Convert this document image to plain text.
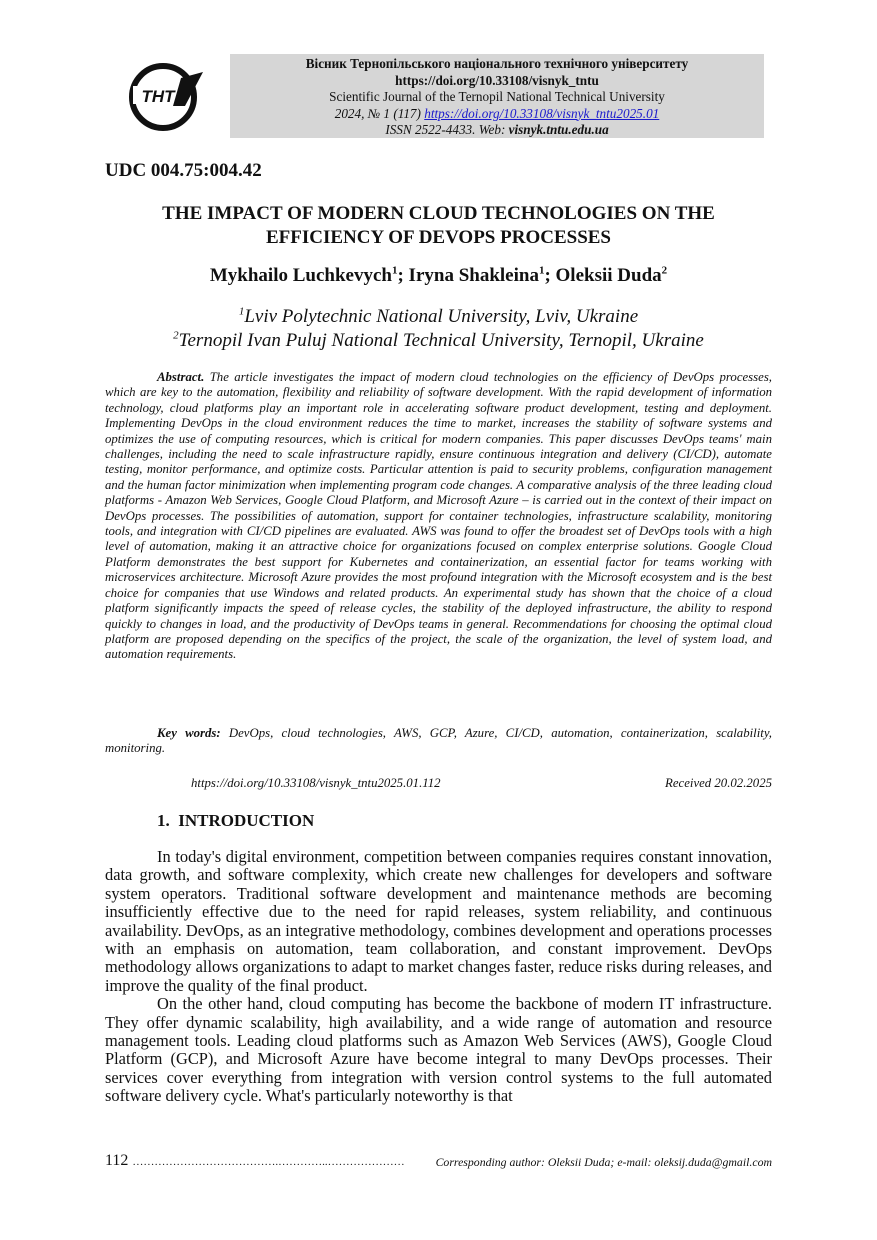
ТНТ
Вісник Тернопільського національного технічного університету
https://doi.org/10.33108/visnyk_tntu
Scientific Journal of the Ternopil National Technical University
2024, № 1 (117) https://doi.org/10.33108/visnyk_tntu2025.01
ISSN 2522-4433. Web: visnyk.tntu.edu.ua
UDC 004.75:004.42
THE IMPACT OF MODERN CLOUD TECHNOLOGIES ON THE
EFFICIENCY OF DEVOPS PROCESSES
Mykhailo Luchkevych$^1$; Iryna Shakleina$^1$; Oleksii Duda$^2$
$^1$Lviv Polytechnic National University, Lviv, Ukraine
$^2$Ternopil Ivan Puluj National Technical University, Ternopil, Ukraine
Abstract. The article investigates the impact of modern cloud technologies on the efficiency of DevOps processes, which are key to the automation, flexibility and reliability of software development. With the rapid development of information technology, cloud platforms play an important role in accelerating software product development, testing and deployment. Implementing DevOps in the cloud environment reduces the time to market, increases the stability of software systems and optimizes the use of computing resources, which is critical for modern companies. This paper discusses DevOps teams' main challenges, including the need to scale infrastructure rapidly, ensure continuous integration and delivery (CI/CD), automate testing, monitor performance, and optimize costs. Particular attention is paid to security problems, configuration management and the human factor minimization when implementing program code changes. A comparative analysis of the three leading cloud platforms - Amazon Web Services, Google Cloud Platform, and Microsoft Azure – is carried out in the context of their impact on DevOps processes. The possibilities of automation, support for container technologies, infrastructure scalability, monitoring tools, and integration with CI/CD pipelines are evaluated. AWS was found to offer the broadest set of DevOps tools with a high level of automation, making it an attractive choice for organizations focused on complex enterprise solutions. Google Cloud Platform demonstrates the best support for Kubernetes and containerization, an essential factor for teams working with microservices architecture. Microsoft Azure provides the most profound integration with the Microsoft ecosystem and is the best choice for companies that use Windows and related products. An experimental study has shown that the choice of a cloud platform significantly impacts the speed of release cycles, the stability of the deployed infrastructure, the ability to respond quickly to changes in load, and the productivity of DevOps teams in general. Recommendations for choosing the optimal cloud platform are proposed depending on the specifics of the project, the scale of the organization, the level of system load, and automation requirements.
Key words: DevOps, cloud technologies, AWS, GCP, Azure, CI/CD, automation, containerization, scalability, monitoring.
https://doi.org/10.33108/visnyk_tntu2025.01.112	Received 20.02.2025
1. INTRODUCTION

In today's digital environment, competition between companies requires constant innovation, data growth, and software complexity, which create new challenges for developers and software system operators. Traditional software development and maintenance methods are becoming insufficiently effective due to the need for rapid releases, system reliability, and continuous availability. DevOps, as an integrative methodology, combines development and operations processes with an emphasis on automation, team collaboration, and constant improvement. DevOps methodology allows organizations to adapt to market changes faster, reduce risks during releases, and improve the quality of the final product.

On the other hand, cloud computing has become the backbone of modern IT infrastructure. They offer dynamic scalability, high availability, and a wide range of automation and resource management tools. Leading cloud platforms such as Amazon Web Services (AWS), Google Cloud Platform (GCP), and Microsoft Azure have become integral to many DevOps processes. Their services cover everything from integration with version control systems to the full automated software delivery cycle. What's particularly noteworthy is that

112 ………………………………….…………..…………………	Corresponding author: Oleksii Duda; e-mail: oleksij.duda@gmail.com
